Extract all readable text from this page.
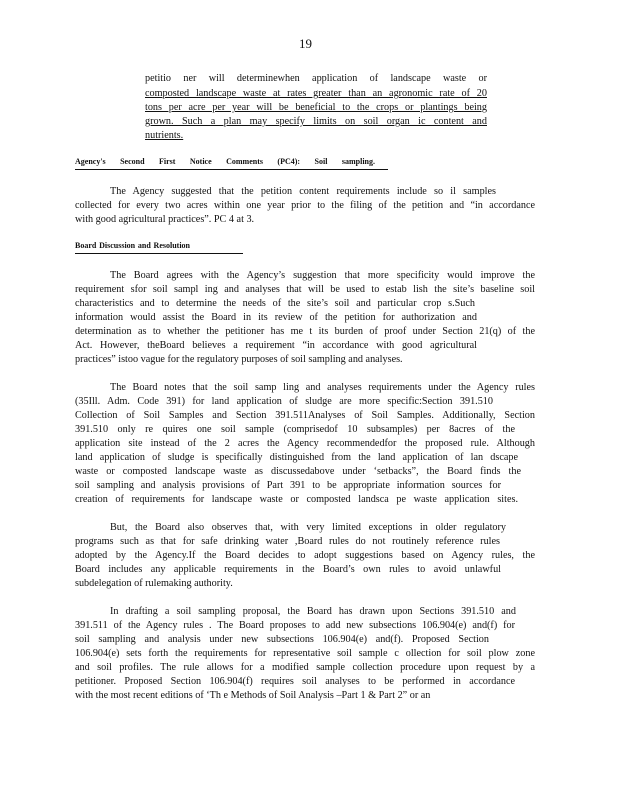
19
petitio ner will determinewhen application of landscape waste or
composted landscape waste at rates greater than an agronomic rate of 20
tons per acre per year will be beneficial to the crops or plantings being
grown. Such a plan may specify limits on soil organ ic content and
nutrients.
Agency's Second First Notice Comments (PC4): Soil sampling.
The Agency suggested that the petition content requirements include so il samples
collected for every two acres within one year prior to the filing of the petition and “in accordance
with good agricultural practices”. PC 4 at 3.
Board Discussion and Resolution
The Board agrees with the Agency’s suggestion that more specificity would improve the
requirement sfor soil sampl ing and analyses that will be used to estab lish the site’s baseline soil
characteristics and to determine the needs of the site’s soil and particular crop s.Such
information would assist the Board in its review of the petition for authorization and
determination as to whether the petitioner has me t its burden of proof under Section 21(q) of the
Act. However, theBoard believes a requirement “in accordance with good agricultural
practices” istoo vague for the regulatory purposes of soil sampling and analyses.
The Board notes that the soil samp ling and analyses requirements under the Agency rules
(35Ill. Adm. Code 391) for land application of sludge are more specific:Section 391.510
Collection of Soil Samples and Section 391.511Analyses of Soil Samples. Additionally, Section
391.510 only re quires one soil sample (comprisedof 10 subsamples) per 8acres of the
application site instead of the 2 acres the Agency recommendedfor the proposed rule. Although
land application of sludge is specifically distinguished from the land application of lan dscape
waste or composted landscape waste as discussedabove under ‘setbacks”, the Board finds the
soil sampling and analysis provisions of Part 391 to be appropriate information sources for
creation of requirements for landscape waste or composted landsca pe waste application sites.
But, the Board also observes that, with very limited exceptions in older regulatory
programs such as that for safe drinking water ,Board rules do not routinely reference rules
adopted by the Agency.If the Board decides to adopt suggestions based on Agency rules, the
Board includes any applicable requirements in the Board’s own rules to avoid unlawful
subdelegation of rulemaking authority.
In drafting a soil sampling proposal, the Board has drawn upon Sections 391.510 and
391.511 of the Agency rules . The Board proposes to add new subsections 106.904(e) and(f) for
soil sampling and analysis under new subsections 106.904(e) and(f). Proposed Section
106.904(e) sets forth the requirements for representative soil sample c ollection for soil plow zone
and soil profiles. The rule allows for a modified sample collection procedure upon request by a
petitioner. Proposed Section 106.904(f) requires soil analyses to be performed in accordance
with the most recent editions of ‘Th e Methods of Soil Analysis –Part 1 & Part 2” or an
